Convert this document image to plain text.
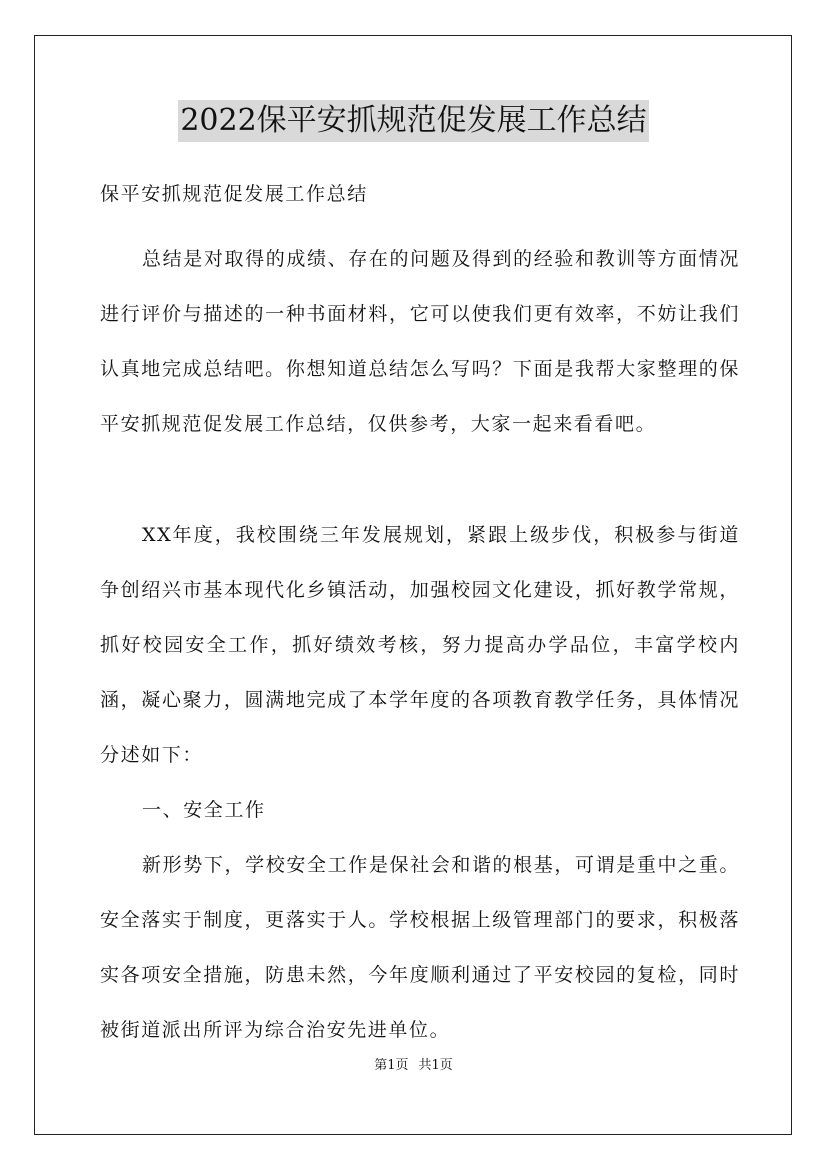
2022保平安抓规范促发展工作总结

保平安抓规范促发展工作总结

总结是对取得的成绩、存在的问题及得到的经验和教训等方面情况进行评价与描述的一种书面材料，它可以使我们更有效率，不妨让我们认真地完成总结吧。你想知道总结怎么写吗？下面是我帮大家整理的保平安抓规范促发展工作总结，仅供参考，大家一起来看看吧。

XX年度，我校围绕三年发展规划，紧跟上级步伐，积极参与街道争创绍兴市基本现代化乡镇活动，加强校园文化建设，抓好教学常规，抓好校园安全工作，抓好绩效考核，努力提高办学品位，丰富学校内涵，凝心聚力，圆满地完成了本学年度的各项教育教学任务，具体情况分述如下：

一、安全工作

新形势下，学校安全工作是保社会和谐的根基，可谓是重中之重。安全落实于制度，更落实于人。学校根据上级管理部门的要求，积极落实各项安全措施，防患未然，今年度顺利通过了平安校园的复检，同时被街道派出所评为综合治安先进单位。

第1页 共1页
